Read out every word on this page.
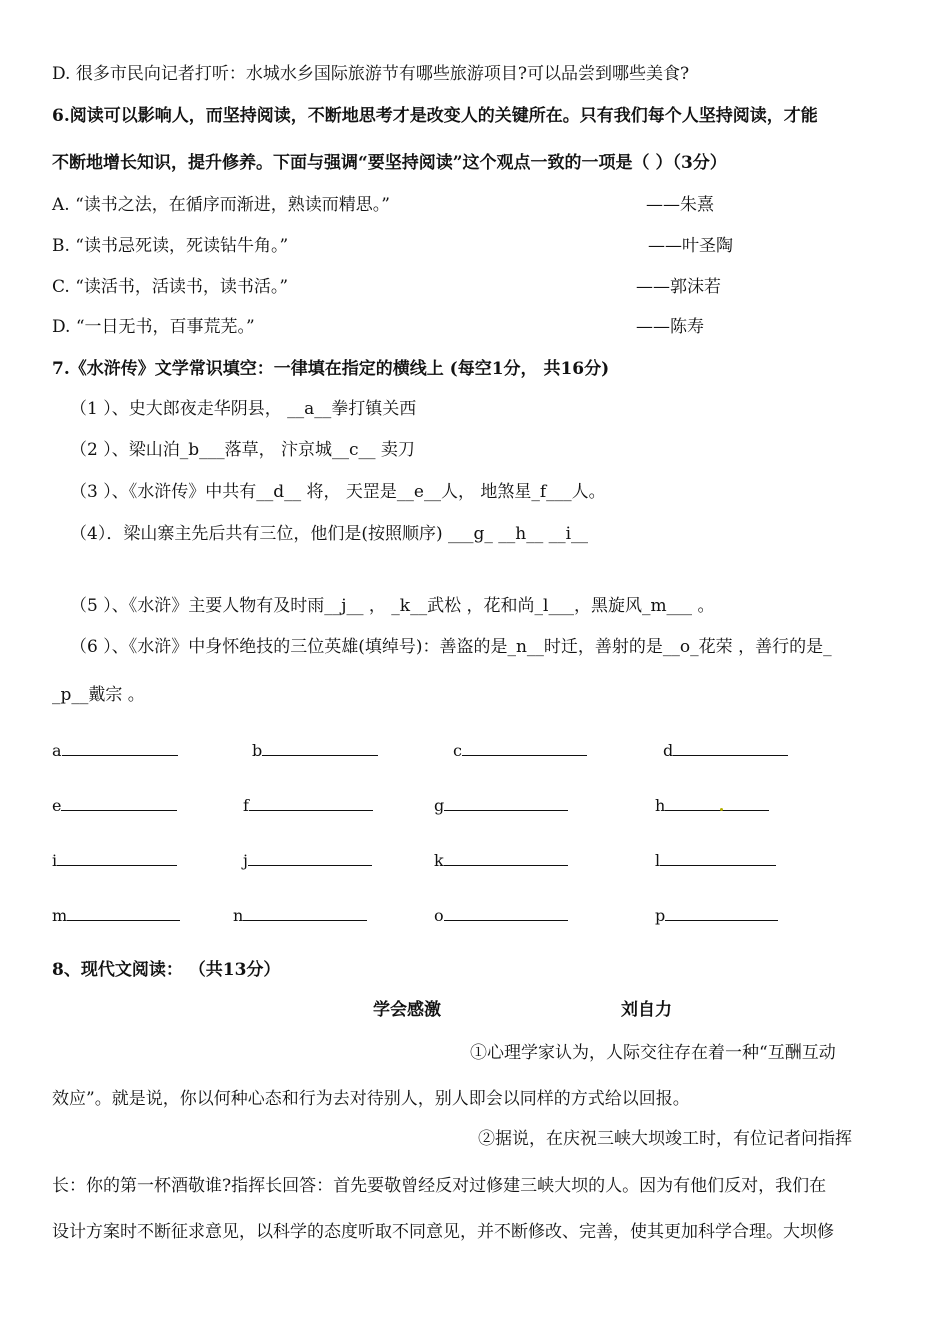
D. 很多市民向记者打听：水城水乡国际旅游节有哪些旅游项目?可以品尝到哪些美食?
6.阅读可以影响人，而坚持阅读，不断地思考才是改变人的关键所在。只有我们每个人坚持阅读，才能
不断地增长知识，提升修养。下面与强调“要坚持阅读”这个观点一致的一项是（ ）（3分）
A. “读书之法，在循序而渐进，熟读而精思。”	——朱熹
B. “读书忌死读，死读钻牛角。”	——叶圣陶
C. “读活书，活读书，读书活。”	——郭沫若
D. “一日无书，百事荒芜。”	——陈寿
7.《水浒传》文学常识填空：一律填在指定的横线上 (每空1分， 共16分)
（1 ）、史大郎夜走华阴县， __a__拳打镇关西
（2 ）、梁山泊_b___落草， 汴京城__c__ 卖刀
（3 ）、《水浒传》中共有__d__ 将， 天罡是__e__人， 地煞星_f___人。
（4）．梁山寨主先后共有三位，他们是(按照顺序) ___g_ __h__ __i__
（5 ）、《水浒》主要人物有及时雨__j__ ， _k__武松 ，花和尚_l___，黑旋风_m___ 。
（6 ）、《水浒》中身怀绝技的三位英雄(填绰号)：善盗的是_n__时迁，善射的是__o_花荣 ，善行的是_
_p__戴宗 。
a	b	c	d
e	f	g	h
i	j	k	l
m	n	o	p
8、现代文阅读： （共13分）
学会感激	刘自力
①心理学家认为，人际交往存在着一种“互酬互动
效应”。就是说，你以何种心态和行为去对待别人，别人即会以同样的方式给以回报。
②据说，在庆祝三峡大坝竣工时，有位记者问指挥
长：你的第一杯酒敬谁?指挥长回答：首先要敬曾经反对过修建三峡大坝的人。因为有他们反对，我们在
设计方案时不断征求意见，以科学的态度听取不同意见，并不断修改、完善，使其更加科学合理。大坝修
